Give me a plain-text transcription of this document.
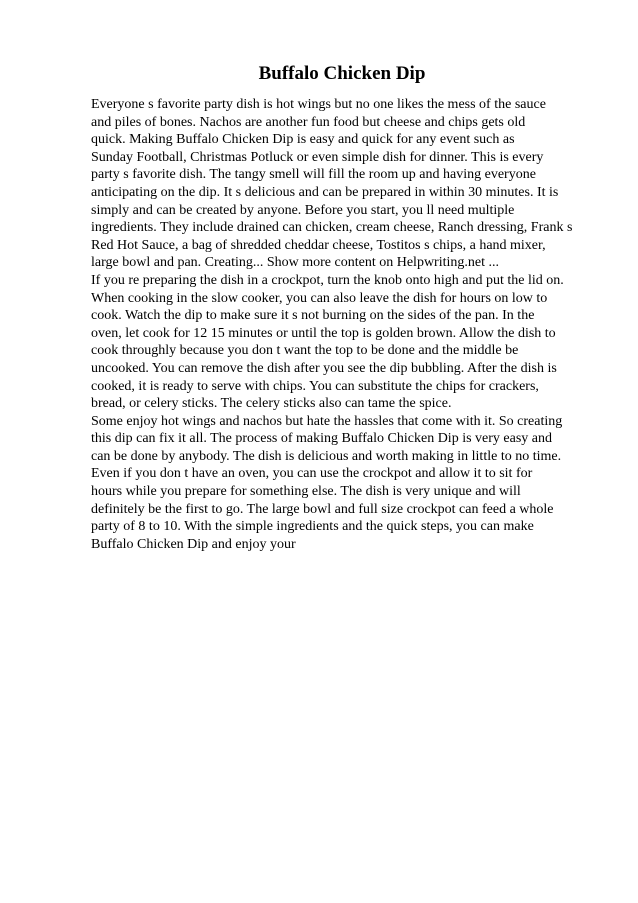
Buffalo Chicken Dip
Everyone s favorite party dish is hot wings but no one likes the mess of the sauce
and piles of bones. Nachos are another fun food but cheese and chips gets old
quick. Making Buffalo Chicken Dip is easy and quick for any event such as
Sunday Football, Christmas Potluck or even simple dish for dinner. This is every
party s favorite dish. The tangy smell will fill the room up and having everyone
anticipating on the dip. It s delicious and can be prepared in within 30 minutes. It is
simply and can be created by anyone. Before you start, you ll need multiple
ingredients. They include drained can chicken, cream cheese, Ranch dressing, Frank s
Red Hot Sauce, a bag of shredded cheddar cheese, Tostitos s chips, a hand mixer,
large bowl and pan. Creating... Show more content on Helpwriting.net ...
If you re preparing the dish in a crockpot, turn the knob onto high and put the lid on.
When cooking in the slow cooker, you can also leave the dish for hours on low to
cook. Watch the dip to make sure it s not burning on the sides of the pan. In the
oven, let cook for 12 15 minutes or until the top is golden brown. Allow the dish to
cook throughly because you don t want the top to be done and the middle be
uncooked. You can remove the dish after you see the dip bubbling. After the dish is
cooked, it is ready to serve with chips. You can substitute the chips for crackers,
bread, or celery sticks. The celery sticks also can tame the spice.
Some enjoy hot wings and nachos but hate the hassles that come with it. So creating
this dip can fix it all. The process of making Buffalo Chicken Dip is very easy and
can be done by anybody. The dish is delicious and worth making in little to no time.
Even if you don t have an oven, you can use the crockpot and allow it to sit for
hours while you prepare for something else. The dish is very unique and will
definitely be the first to go. The large bowl and full size crockpot can feed a whole
party of 8 to 10. With the simple ingredients and the quick steps, you can make
Buffalo Chicken Dip and enjoy your
